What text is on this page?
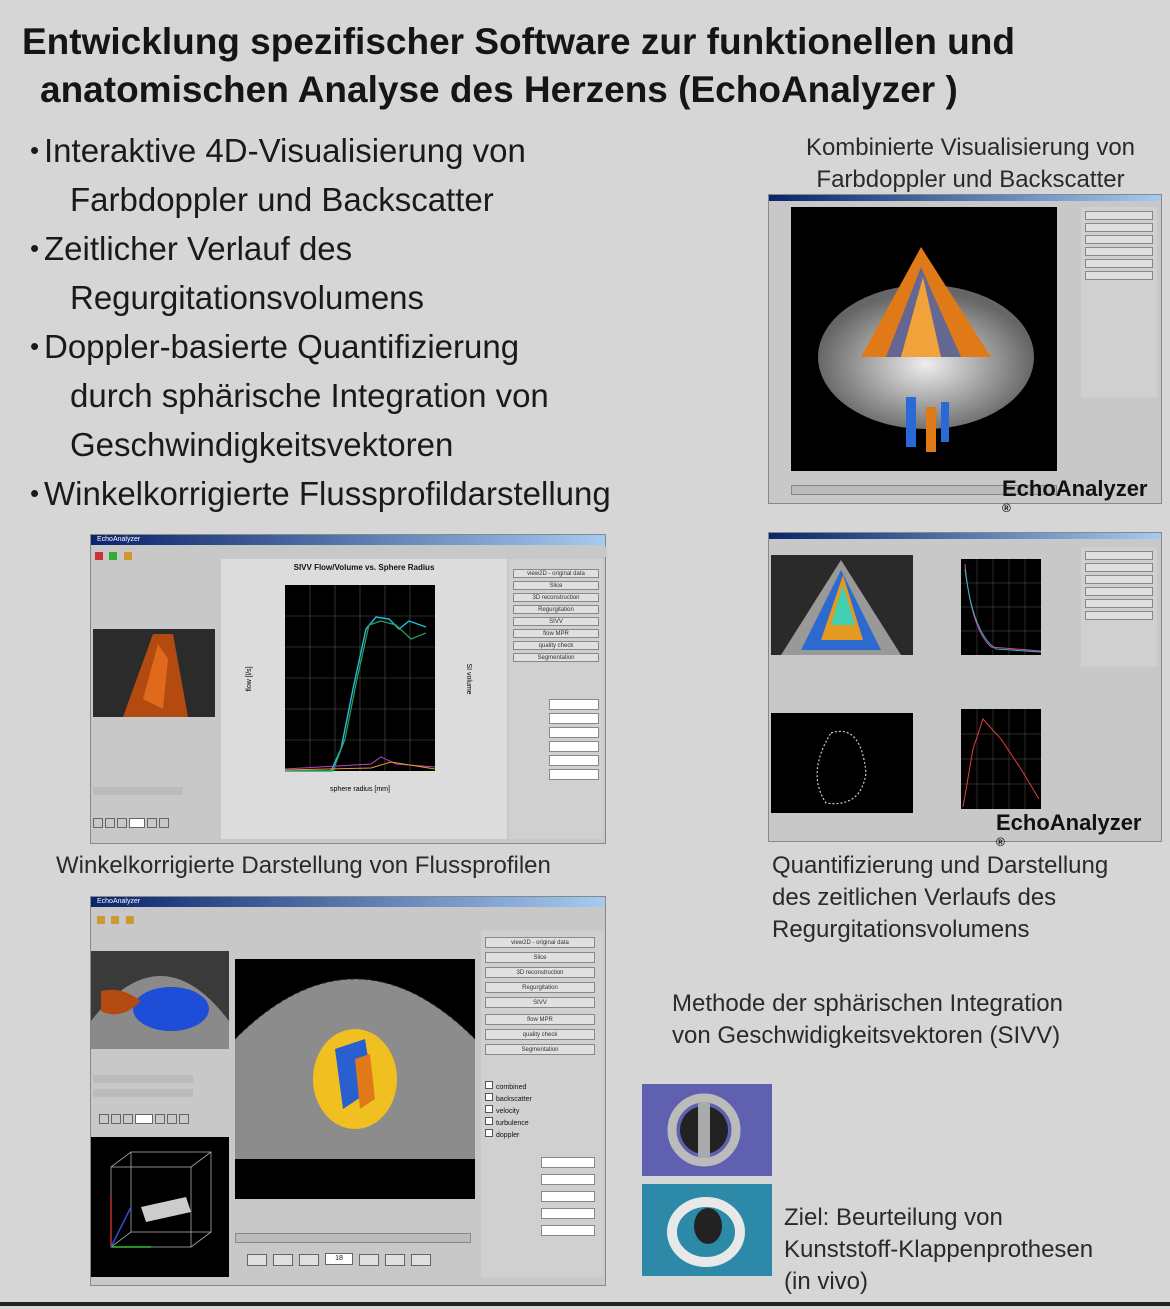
Entwicklung spezifischer Software zur funktionellen und
anatomischen Analyse des Herzens (EchoAnalyzer )
• Interaktive 4D-Visualisierung von
Farbdoppler und Backscatter
• Zeitlicher Verlauf des
Regurgitationsvolumens
• Doppler-basierte Quantifizierung
durch sphärische Integration von
Geschwindigkeitsvektoren
• Winkelkorrigierte Flussprofildarstellung
Kombinierte Visualisierung von
Farbdoppler und Backscatter
EchoAnalyzer
®
$^{EchoAnalyzer}$

SIVV Flow/Volume vs. Sphere Radius
sphere radius [mm]
flow [l/s]	SI volume
view2D - original data
Slice
3D reconstruction
Regurgitation
SIVV
flow MPR
quality check
Segmentation
EchoAnalyzer
®
Winkelkorrigierte Darstellung von Flussprofilen	Quantifizierung und Darstellung
des zeitlichen Verlaufs des
Regurgitationsvolumens
$^{EchoAnalyzer}$

18
view2D - original data
Slice
3D reconstruction
Regurgitation
SIVV
flow MPR
quality check
Segmentation
combined
backscatter
velocity
turbulence
doppler
Methode der sphärischen Integration
von Geschwidigkeitsvektoren (SIVV)
Ziel: Beurteilung von
Kunststoff-Klappenprothesen
(in vivo)
